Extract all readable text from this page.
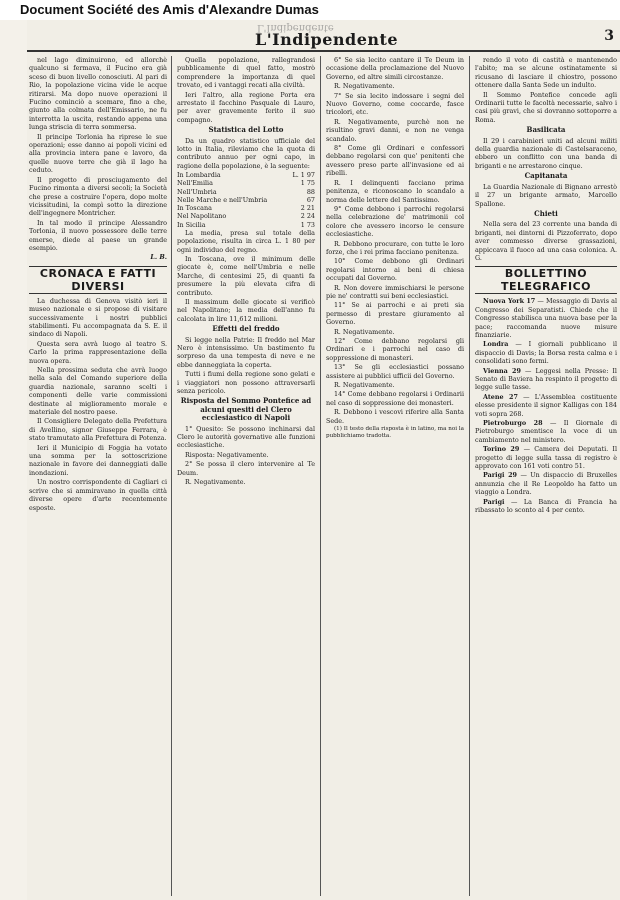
Document Société des Amis d'Alexandre Dumas
L'Indipendente
L'Indipendente	3

nel lago diminuirono, ed allorchè qualcuno si fermava, il Fucino era già sceso di buon livello conosciuti. Al pari di Rio, la popolazione vicina vide le acque ritirarsi. Ma dopo nuove operazioni il Fucino cominciò a scemare, fino a che, giunto alla colmata dell'Emissario, ne fu interrotta la uscita, restando appena una lunga striscia di terra sommersa.

Il principe Torlonia ha riprese le sue operazioni; esse danno ai popoli vicini ed alla provincia intera pane e lavoro, da quelle nuove terre che già il lago ha ceduto.

Il progetto di prosciugamento del Fucino rimonta a diversi secoli; la Società che prese a costruire l'opera, dopo molte vicissitudini, la compì sotto la direzione dell'ingegnere Montricher.

In tal modo il principe Alessandro Torlonia, il nuovo possessore delle terre emerse, diede al paese un grande esempio.

L. B.
CRONACA E FATTI DIVERSI

La duchessa di Genova visitò ieri il museo nazionale e si propose di visitare successivamente i nostri pubblici stabilimenti. Fu accompagnata da S. E. il sindaco di Napoli.

Questa sera avrà luogo al teatro S. Carlo la prima rappresentazione della nuova opera.

Nella prossima seduta che avrà luogo nella sala del Comando superiore della guardia nazionale, saranno scelti i componenti delle varie commissioni destinate al miglioramento morale e materiale del nostro paese.

Il Consigliere Delegato della Prefettura di Avellino, signor Giuseppe Ferrara, è stato tramutato alla Prefettura di Potenza.

Ieri il Municipio di Foggia ha votato una somma per la sottoscrizione nazionale in favore dei danneggiati dalle inondazioni.

Un nostro corrispondente di Cagliari ci scrive che si ammiravano in quella città diverse opere d'arte recentemente esposte.

Quella popolazione, rallegrandosi pubblicamente di quel fatto, mostrò comprendere la importanza di quel trovato, ed i vantaggi recati alla civiltà.

Ieri l'altro, alla regione Porta era arrestato il facchino Pasquale di Lauro, per aver gravemente ferito il suo compagno.

Statistica del Lotto

Da un quadro statistico ufficiale del lotto in Italia, rileviamo che la quota di contributo annuo per ogni capo, in ragione della popolazione, è la seguente:

In Lombardia	L. 1 97
Nell'Emilia	1 75
Nell'Umbria	88
Nelle Marche e nell'Umbria	67
In Toscana	2 21
Nel Napolitano	2 24
In Sicilia	1 73

La media, presa sul totale della popolazione, risulta in circa L. 1 80 per ogni individuo del regno.

In Toscana, ove il minimum delle giocate è, come nell'Umbria e nelle Marche, di centesimi 25, di quanti fa presumere la più elevata cifra di contributo.

Il massimum delle giocate si verificò nel Napolitano; la media dell'anno fu calcolata in lire 11,612 milioni.

Effetti del freddo

Si legge nella Patrie: Il freddo nel Mar Nero è intensissimo. Un bastimento fu sorpreso da una tempesta di neve e ne ebbe danneggiata la coperta.

Tutti i fiumi della regione sono gelati e i viaggiatori non possono attraversarli senza pericolo.

Risposta del Sommo Pontefice ad alcuni quesiti del Clero ecclesiastico di Napoli

1° Quesito: Se possono inchinarsi dal Clero le autorità governative alle funzioni ecclesiastiche.

Risposta: Negativamente.

2° Se possa il clero intervenire al Te Deum.

R. Negativamente.

6° Se sia lecito cantare il Te Deum in occasione della proclamazione del Nuovo Governo, ed altre simili circostanze.

R. Negativamente.

7° Se sia lecito indossare i segni del Nuovo Governo, come coccarde, fasce tricolori, etc.

R. Negativamente, purchè non ne risultino gravi danni, e non ne venga scandalo.

8° Come gli Ordinari e confessori debbano regolarsi con que' penitenti che avessero preso parte all'invasione ed ai ribelli.

R. I delinquenti facciano prima penitenza, e riconoscano lo scandalo a norma delle lettere del Santissimo.

9° Come debbono i parrochi regolarsi nella celebrazione de' matrimonii col colore che avessero incorso le censure ecclesiastiche.

R. Debbono procurare, con tutte le loro forze, che i rei prima facciano penitenza.

10° Come debbono gli Ordinari regolarsi intorno ai beni di chiesa occupati dal Governo.

R. Non dovere immischiarsi le persone pie ne' contratti sui beni ecclesiastici.

11° Se ai parrochi e ai preti sia permesso di prestare giuramento al Governo.

R. Negativamente.

12° Come debbano regolarsi gli Ordinari e i parrochi nel caso di soppressione di monasteri.

13° Se gli ecclesiastici possano assistere ai pubblici ufficii del Governo.

R. Negativamente.

14° Come debbano regolarsi i Ordinarii nel caso di soppressione dei monasteri.

R. Debbono i vescovi riferire alla Santa Sede.

(1) Il testo della risposta è in latino, ma noi la pubblichiamo tradotta.

rendo il voto di castità e mantenendo l'abito; ma se alcune ostinatamente si ricusano di lasciare il chiostro, possono ottenere dalla Santa Sede un indulto.

Il Sommo Pontefice concede agli Ordinarii tutte le facoltà necessarie, salvo i casi più gravi, che si dovranno sottoporre a Roma.

Basilicata

Il 29 i carabinieri uniti ad alcuni militi della guardia nazionale di Castelsaraceno, ebbero un conflitto con una banda di briganti e ne arrestarono cinque.

Capitanata

La Guardia Nazionale di Bignano arrestò il 27 un brigante armato, Marcello Spallone.

Chieti

Nella sera del 23 corrente una banda di briganti, nei dintorni di Pizzoferrato, dopo aver commesso diverse grassazioni, appiccava il fuoco ad una casa colonica. A. G.

BOLLETTINO TELEGRAFICO

Nuova York 17 — Messaggio di Davis al Congresso dei Separatisti. Chiede che il Congresso stabilisca una nuova base per la pace; raccomanda nuove misure finanziarie.

Londra — I giornali pubblicano il dispaccio di Davis; la Borsa resta calma e i consolidati sono fermi.

Vienna 29 — Leggesi nella Presse: Il Senato di Baviera ha respinto il progetto di legge sulle tasse.

Atene 27 — L'Assemblea costituente elesse presidente il signor Kalligas con 184 voti sopra 268.

Pietroburgo 28 — Il Giornale di Pietroburgo smentisce la voce di un cambiamento nel ministero.

Torino 29 — Camera dei Deputati. Il progetto di legge sulla tassa di registro è approvato con 161 voti contro 51.

Parigi 29 — Un dispaccio di Bruxelles annunzia che il Re Leopoldo ha fatto un viaggio a Londra.

Parigi — La Banca di Francia ha ribassato lo sconto al 4 per cento.
